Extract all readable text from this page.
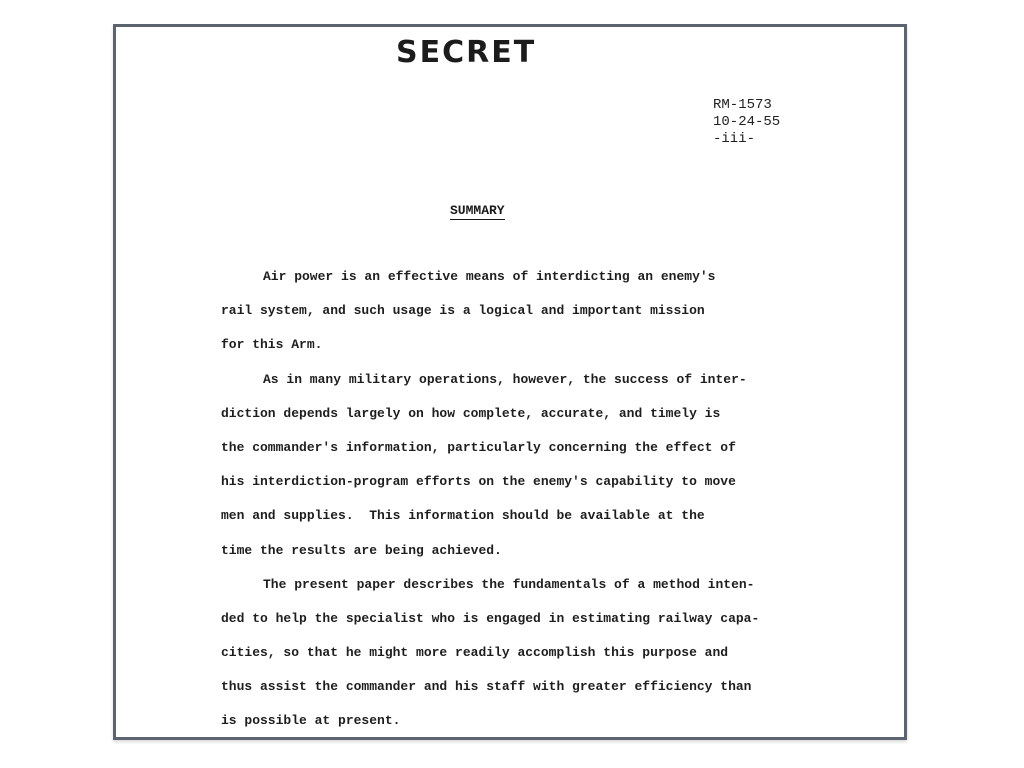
SECRET
RM-1573
10-24-55
-iii-
SUMMARY
Air power is an effective means of interdicting an enemy's
rail system, and such usage is a logical and important mission
for this Arm.
As in many military operations, however, the success of inter-
diction depends largely on how complete, accurate, and timely is
the commander's information, particularly concerning the effect of
his interdiction-program efforts on the enemy's capability to move
men and supplies.  This information should be available at the
time the results are being achieved.
The present paper describes the fundamentals of a method inten-
ded to help the specialist who is engaged in estimating railway capa-
cities, so that he might more readily accomplish this purpose and
thus assist the commander and his staff with greater efficiency than
is possible at present.
